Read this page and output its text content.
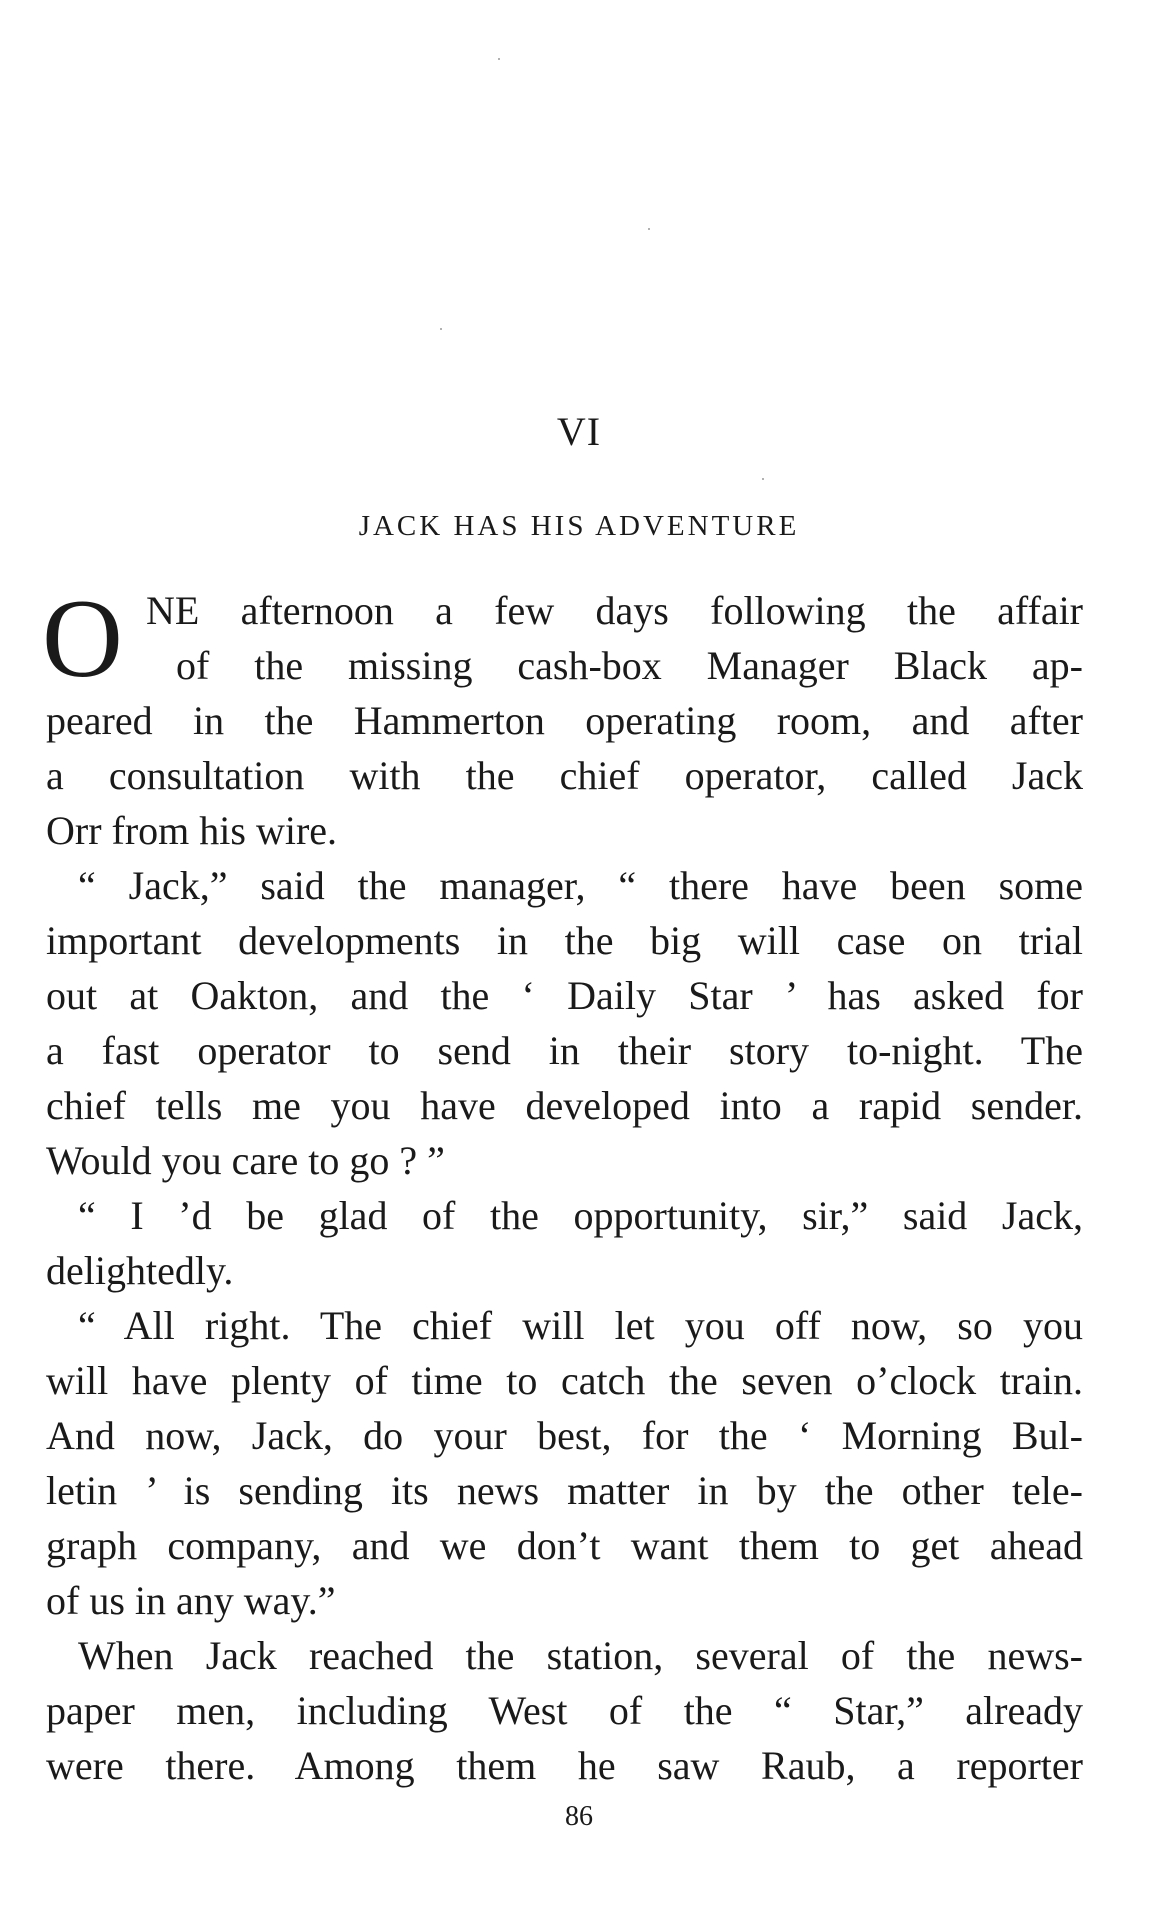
VI
JACK HAS HIS ADVENTURE
O NE afternoon a few days following the affair
of the missing cash-box Manager Black ap-
peared in the Hammerton operating room, and after
a consultation with the chief operator, called Jack
Orr from his wire.
“ Jack,” said the manager, “ there have been some
important developments in the big will case on trial
out at Oakton, and the ‘ Daily Star ’ has asked for
a fast operator to send in their story to-night. The
chief tells me you have developed into a rapid sender.
Would you care to go ? ”
“ I ’d be glad of the opportunity, sir,” said Jack,
delightedly.
“ All right. The chief will let you off now, so you
will have plenty of time to catch the seven o’clock train.
And now, Jack, do your best, for the ‘ Morning Bul-
letin ’ is sending its news matter in by the other tele-
graph company, and we don’t want them to get ahead
of us in any way.”
When Jack reached the station, several of the news-
paper men, including West of the “ Star,” already
were there. Among them he saw Raub, a reporter
86
